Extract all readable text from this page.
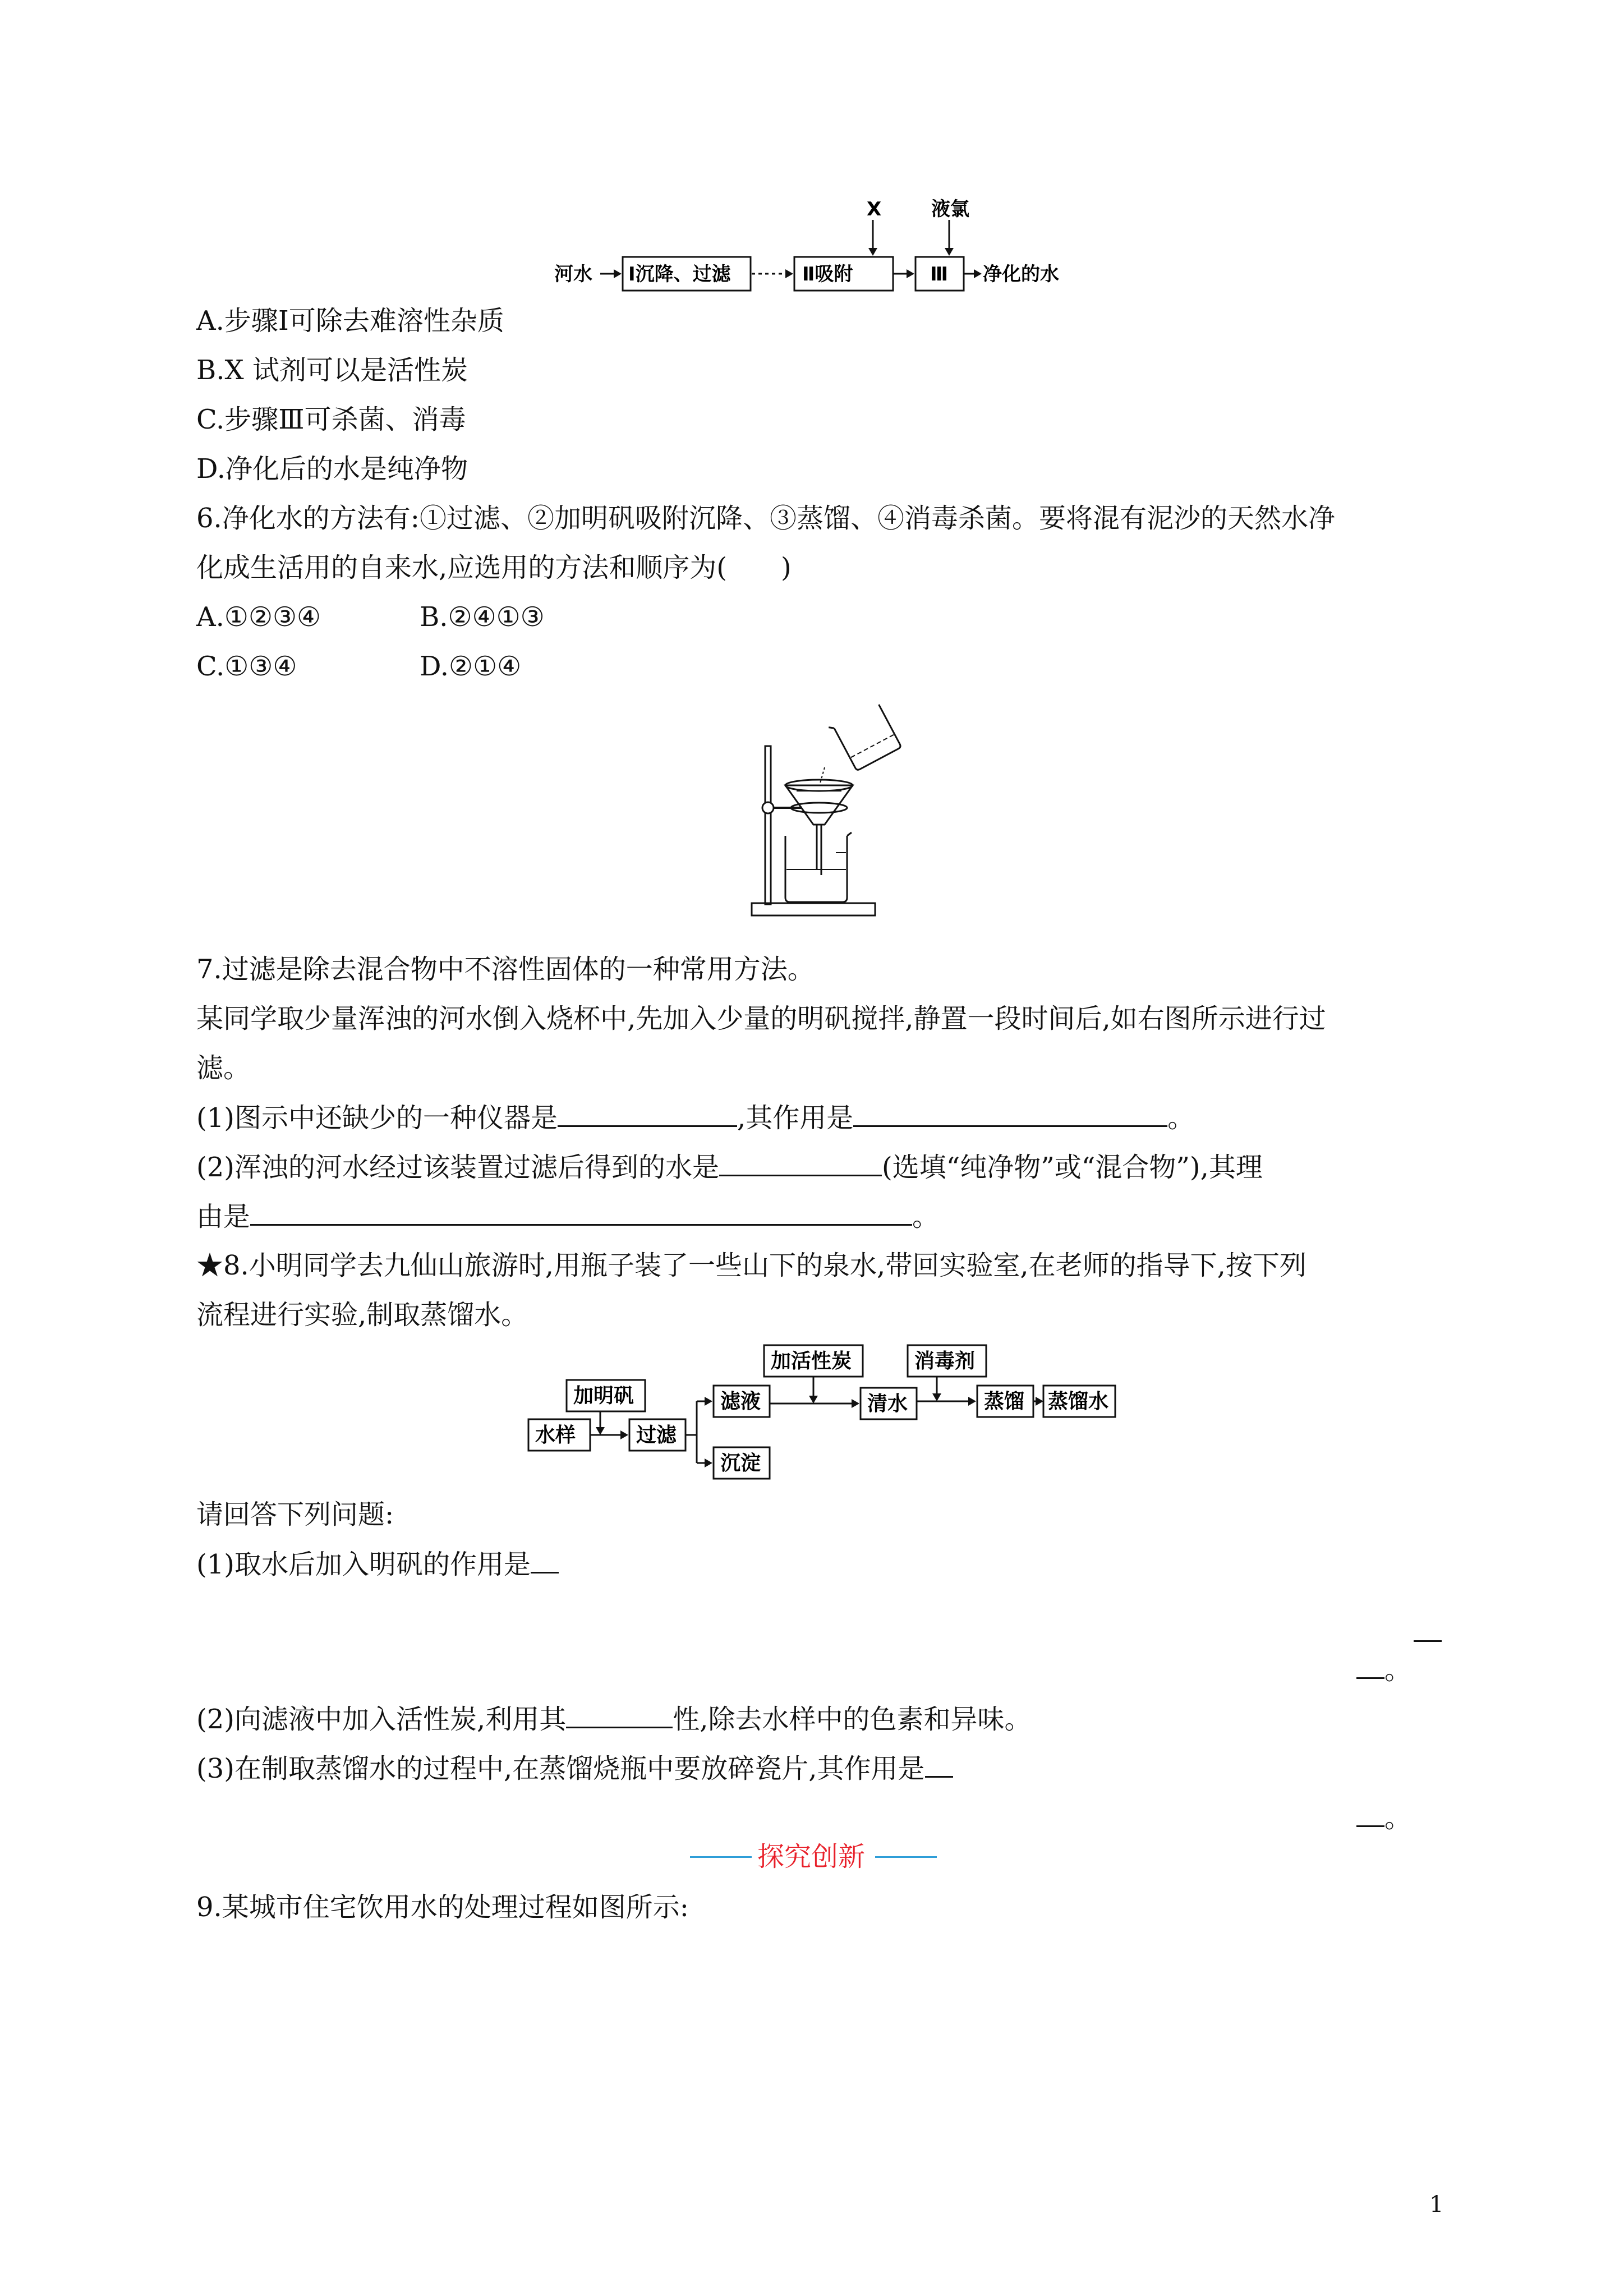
X	液氯
河水 Ⅰ沉降、过滤	Ⅱ吸附	Ⅲ 净化的水
A.步骤Ⅰ可除去难溶性杂质
B.X 试剂可以是活性炭
C.步骤Ⅲ可杀菌、消毒
D.净化后的水是纯净物
6.净化水的方法有:①过滤、②加明矾吸附沉降、③蒸馏、④消毒杀菌。要将混有泥沙的天然水净
化成生活用的自来水,应选用的方法和顺序为(　　)
A.①②③④	B.②④①③
C.①③④	D.②①④
7.过滤是除去混合物中不溶性固体的一种常用方法。
某同学取少量浑浊的河水倒入烧杯中,先加入少量的明矾搅拌,静置一段时间后,如右图所示进行过
滤。
(1)图示中还缺少的一种仪器是	,其作用是	。
(2)浑浊的河水经过该装置过滤后得到的水是	(选填“纯净物”或“混合物”),其理
由是	。
★8.小明同学去九仙山旅游时,用瓶子装了一些山下的泉水,带回实验室,在老师的指导下,按下列
流程进行实验,制取蒸馏水。
加明矾
水样	过滤
滤液
沉淀
加活性炭
清水
消毒剂
蒸馏 蒸馏水
请回答下列问题:
(1)取水后加入明矾的作用是
。
(2)向滤液中加入活性炭,利用其	性,除去水样中的色素和异味。
(3)在制取蒸馏水的过程中,在蒸馏烧瓶中要放碎瓷片,其作用是
。
探究创新
9.某城市住宅饮用水的处理过程如图所示:
1
